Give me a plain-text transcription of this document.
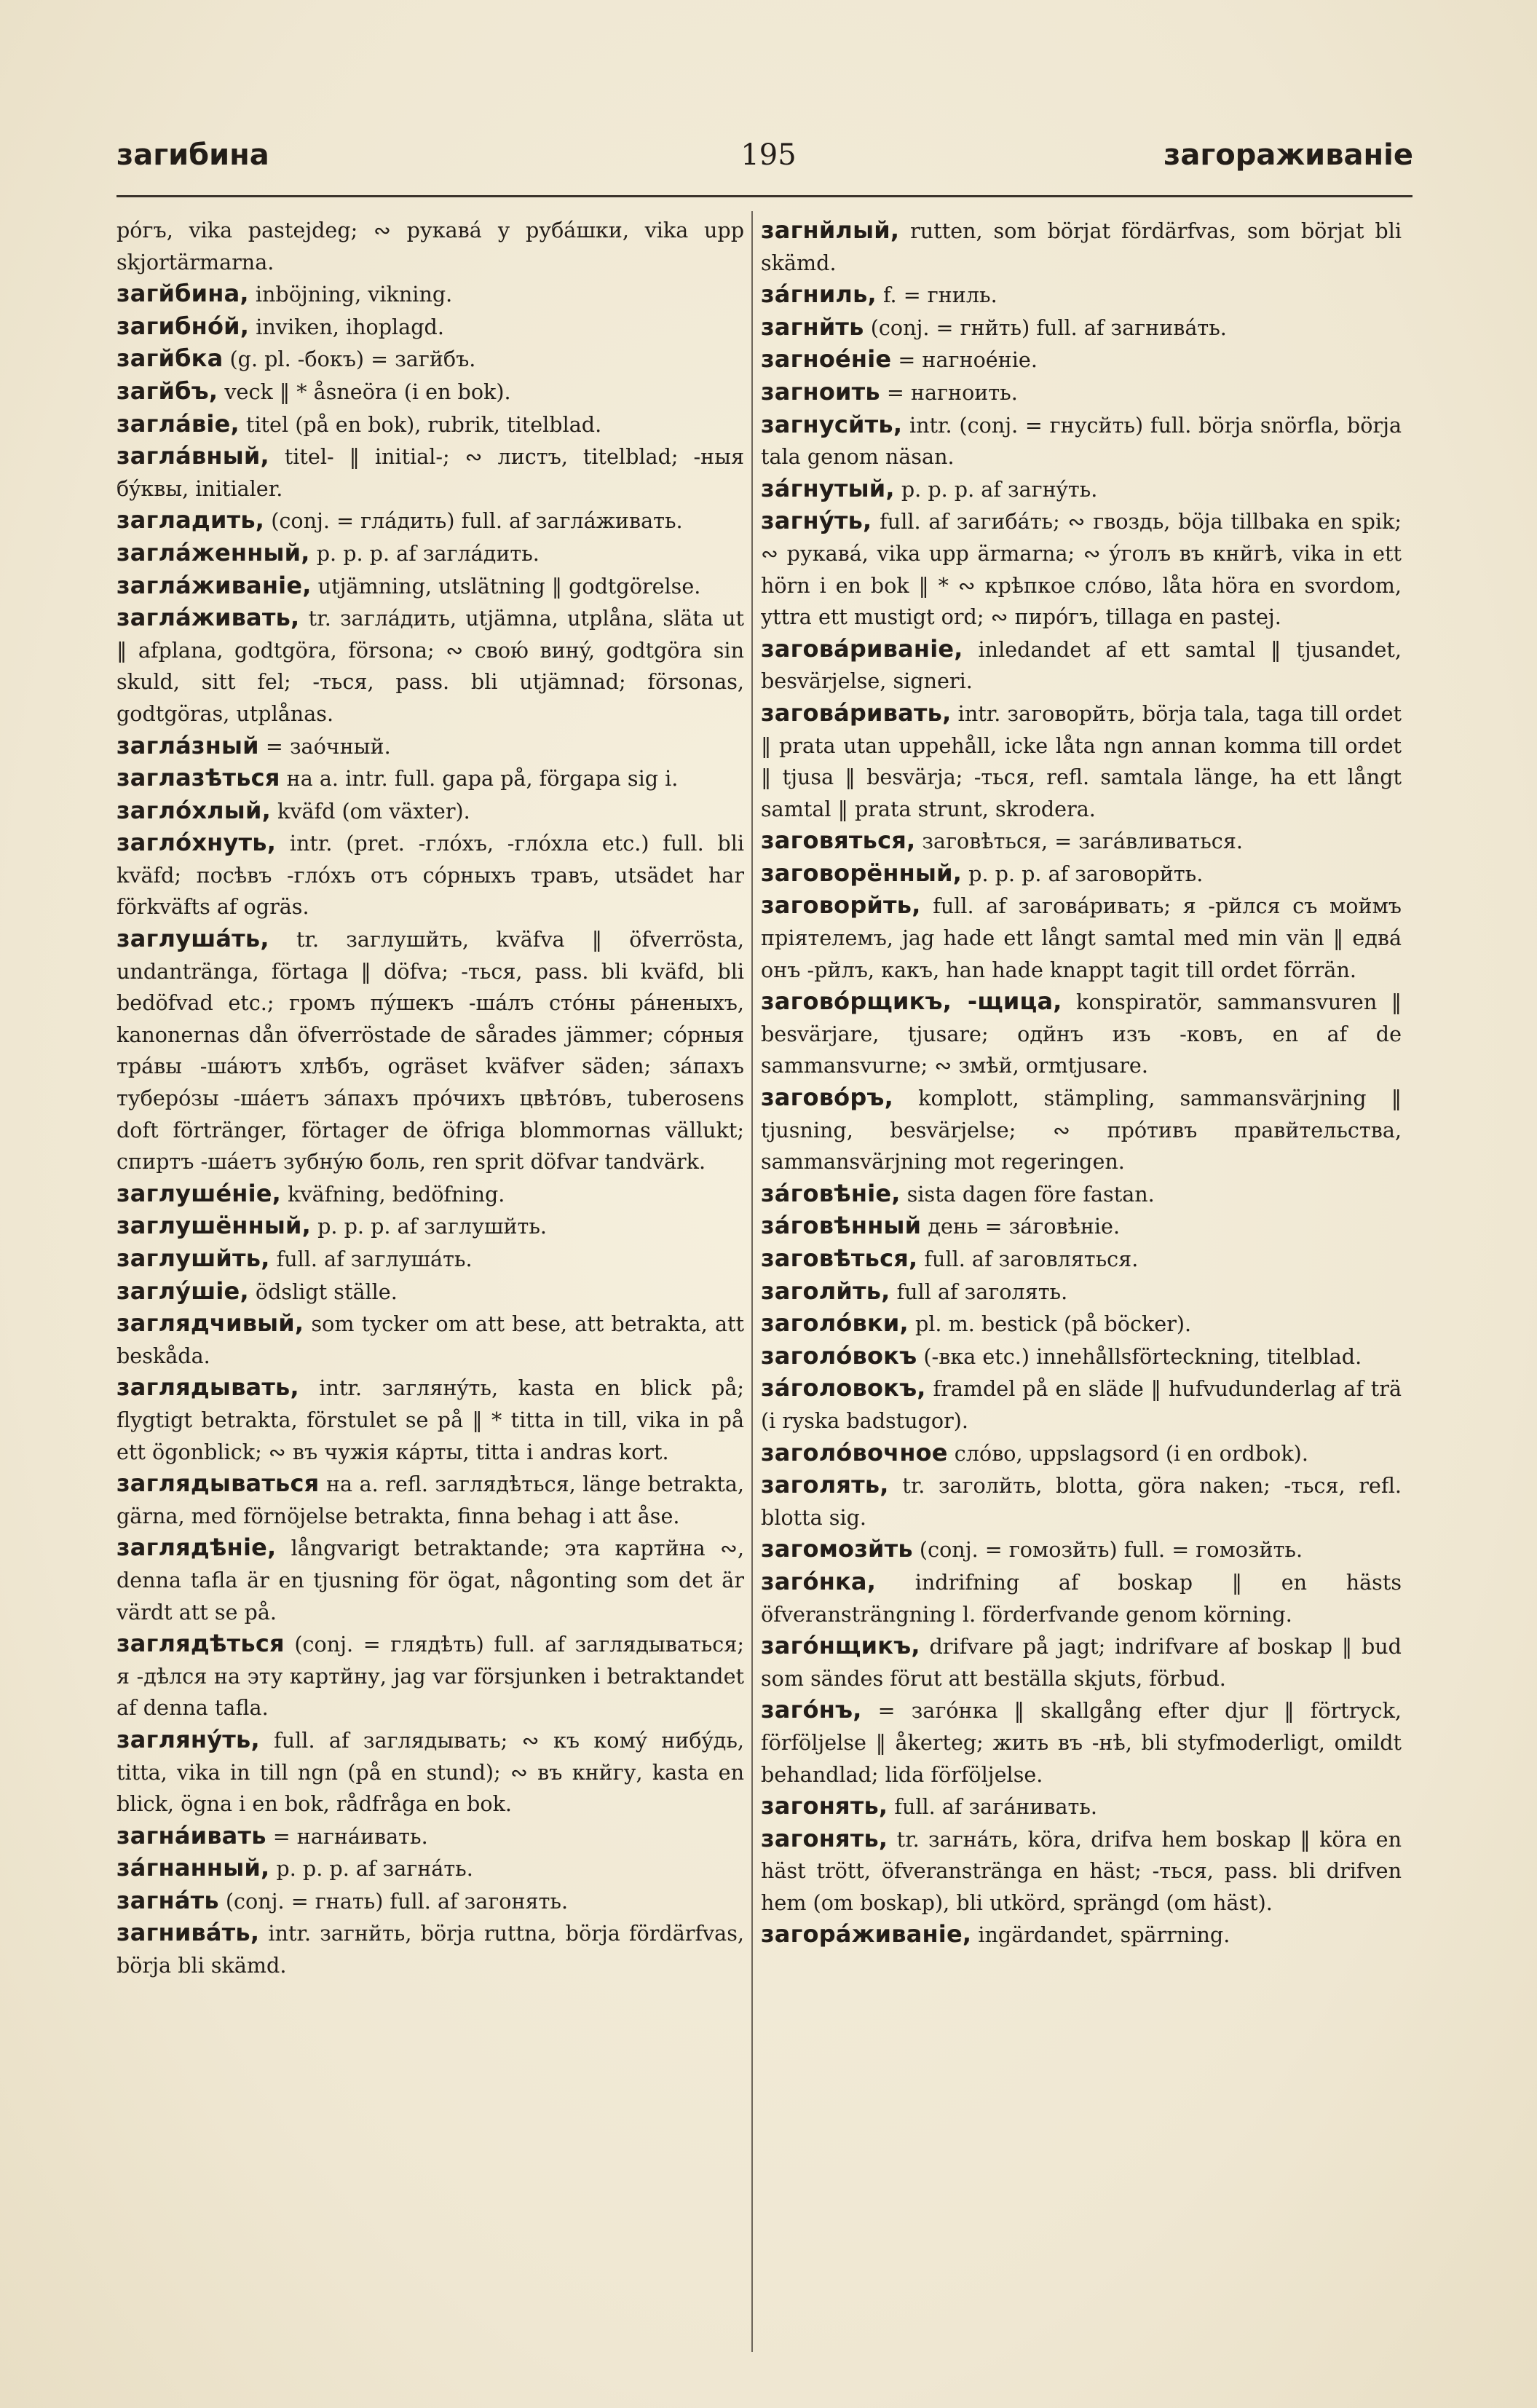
загибина	195	загораживаніе

рóгъ, vika pastejdeg; ∾ рукавá у рубáшки, vika upp skjortärmarna.

загйбина, inböjning, vikning.

загибнóй, inviken, ihoplagd.

загйбка (g. pl. -бокъ) = загйбъ.

загйбъ, veck ‖ * åsneöra (i en bok).

заглáвіе, titel (på en bok), rubrik, titelblad.

заглáвный, titel- ‖ initial-; ∾ листъ, titelblad; -ныя бýквы, initialer.

загладить, (conj. = глáдить) full. af заглáживать.

заглáженный, p. p. p. af заглáдить.

заглáживаніе, utjämning, utslätning ‖ godtgörelse.

заглáживать, tr. заглáдить, utjämna, utplåna, släta ut ‖ afplana, godtgöra, försona; ∾ свою́ винý, godtgöra sin skuld, sitt fel; -ться, pass. bli utjämnad; försonas, godtgöras, utplånas.

заглáзный = заóчный.

заглазѣться на a. intr. full. gapa på, förgapa sig i.

заглóхлый, kväfd (om växter).

заглóхнуть, intr. (pret. -глóхъ, -глóхла etc.) full. bli kväfd; посѣвъ -глóхъ отъ сóрныхъ травъ, utsädet har förkväfts af ogräs.

заглушáть, tr. заглушйть, kväfva ‖ öfverrösta, undantränga, förtaga ‖ döfva; -ться, pass. bli kväfd, bli bedöfvad etc.; громъ пýшекъ -шáлъ стóны рáненыхъ, kanonernas dån öfverröstade de sårades jämmer; сóрныя трáвы -шáютъ хлѣбъ, ogräset kväfver säden; зáпахъ туберóзы -шáетъ зáпахъ прóчихъ цвѣтóвъ, tuberosens doft förtränger, förtager de öfriga blommornas vällukt; спиртъ -шáетъ зубнýю боль, ren sprit döfvar tandvärk.

заглушéніе, kväfning, bedöfning.

заглушённый, p. p. p. af заглушйть.

заглушйть, full. af заглушáть.

заглýшіе, ödsligt ställe.

заглядчивый, som tycker om att bese, att betrakta, att beskåda.

заглядывать, intr. заглянýть, kasta en blick på; flygtigt betrakta, förstulet se på ‖ * titta in till, vika in på ett ögonblick; ∾ въ чужія кáрты, titta i andras kort.

заглядываться на a. refl. заглядѣться, länge betrakta, gärna, med förnöjelse betrakta, finna behag i att åse.

заглядѣніе, långvarigt betraktande; эта картйна ∾, denna tafla är en tjusning för ögat, någonting som det är värdt att se på.

заглядѣться (conj. = глядѣть) full. af заглядываться; я -дѣлся на эту картйну, jag var försjunken i betraktandet af denna tafla.

заглянýть, full. af заглядывать; ∾ къ комý нибýдь, titta, vika in till ngn (på en stund); ∾ въ кнйгу, kasta en blick, ögna i en bok, rådfråga en bok.

загнáивать = нагнáивать.

зáгнанный, p. p. p. af загнáть.

загнáть (conj. = гнать) full. af загонять.

загнивáть, intr. загнйть, börja ruttna, börja fördärfvas, börja bli skämd.

загнйлый, rutten, som börjat fördärfvas, som börjat bli skämd.

зáгниль, f. = гниль.

загнйть (conj. = гнйть) full. af загнивáть.

загноéніе = нагноéніе.

загноить = нагноить.

загнусйть, intr. (conj. = гнусйть) full. börja snörfla, börja tala genom näsan.

зáгнутый, p. p. p. af загнýть.

загнýть, full. af загибáть; ∾ гвоздь, böja tillbaka en spik; ∾ рукавá, vika upp ärmarna; ∾ ýголъ въ кнйгѣ, vika in ett hörn i en bok ‖ * ∾ крѣпкое слóво, låta höra en svordom, yttra ett mustigt ord; ∾ пирóгъ, tillaga en pastej.

заговáриваніе, inledandet af ett samtal ‖ tjusandet, besvärjelse, signeri.

заговáривать, intr. заговорйть, börja tala, taga till ordet ‖ prata utan uppehåll, icke låta ngn annan komma till ordet ‖ tjusa ‖ besvärja; -ться, refl. samtala länge, ha ett långt samtal ‖ prata strunt, skrodera.

заговяться, заговѣться, = загáвливаться.

заговорённый, p. p. p. af заговорйть.

заговорйть, full. af заговáривать; я -рйлся съ моймъ пріятелемъ, jag hade ett långt samtal med min vän ‖ едвá онъ -рйлъ, какъ, han hade knappt tagit till ordet förrän.

заговóрщикъ, -щица, konspiratör, sammansvuren ‖ besvärjare, tjusare; одйнъ изъ -ковъ, en af de sammansvurne; ∾ змѣй, ormtjusare.

заговóръ, komplott, stämpling, sammansvärjning ‖ tjusning, besvärjelse; ∾ прóтивъ правйтельства, sammansvärjning mot regeringen.

зáговѣніе, sista dagen före fastan.

зáговѣнный день = зáговѣніе.

заговѣться, full. af заговляться.

заголйть, full af заголять.

заголóвки, pl. m. bestick (på böcker).

заголóвокъ (-вка etc.) innehållsförteckning, titelblad.

зáголовокъ, framdel på en släde ‖ hufvudunderlag af trä (i ryska badstugor).

заголóвочное слóво, uppslagsord (i en ordbok).

заголять, tr. заголйть, blotta, göra naken; -ться, refl. blotta sig.

загомозйть (conj. = гомозйть) full. = гомозйть.

загóнка, indrifning af boskap ‖ en hästs öfveransträngning l. förderfvande genom körning.

загóнщикъ, drifvare på jagt; indrifvare af boskap ‖ bud som sändes förut att beställa skjuts, förbud.

загóнъ, = загóнка ‖ skallgång efter djur ‖ förtryck, förföljelse ‖ åkerteg; жить въ -нѣ, bli styfmoderligt, omildt behandlad; lida förföljelse.

загонять, full. af загáнивать.

загонять, tr. загнáть, köra, drifva hem boskap ‖ köra en häst trött, öfveranstränga en häst; -ться, pass. bli drifven hem (om boskap), bli utkörd, sprängd (om häst).

загорáживаніе, ingärdandet, spärrning.
